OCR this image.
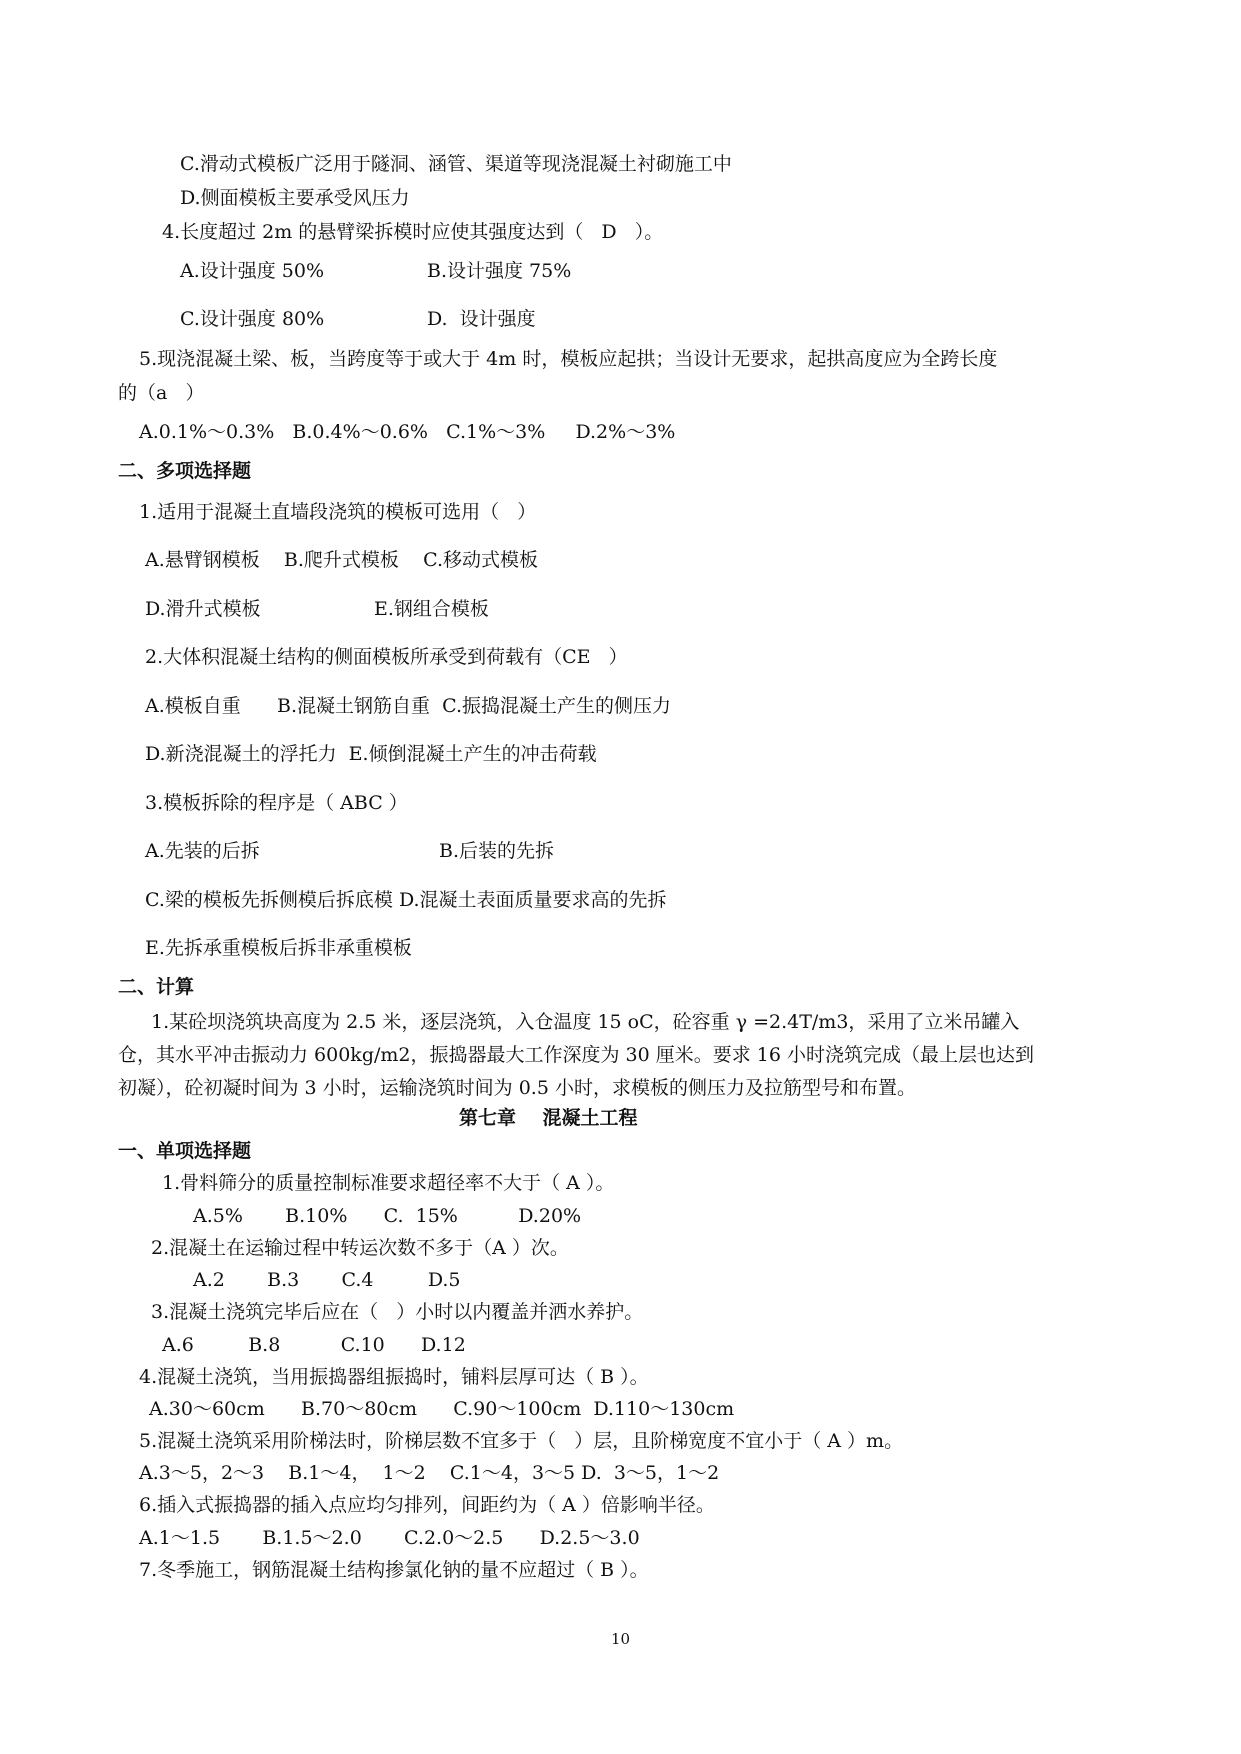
C.滑动式模板广泛用于隧洞、涵管、渠道等现浇混凝土衬砌施工中
D.侧面模板主要承受风压力
4.长度超过 2m 的悬臂梁拆模时应使其强度达到（   D   ）。
A.设计强度 50%	B.设计强度 75%
C.设计强度 80%	D.  设计强度
5.现浇混凝土梁、板，当跨度等于或大于 4m 时，模板应起拱；当设计无要求，起拱高度应为全跨长度
的（a   ）
A.0.1%～0.3%   B.0.4%～0.6%   C.1%～3%     D.2%～3%
二、多项选择题
1.适用于混凝土直墙段浇筑的模板可选用（   ）
A.悬臂钢模板    B.爬升式模板    C.移动式模板
D.滑升式模板	E.钢组合模板
2.大体积混凝土结构的侧面模板所承受到荷载有（CE   ）
A.模板自重      B.混凝土钢筋自重  C.振捣混凝土产生的侧压力
D.新浇混凝土的浮托力  E.倾倒混凝土产生的冲击荷载
3.模板拆除的程序是（ ABC ）
A.先装的后拆	B.后装的先拆
C.梁的模板先拆侧模后拆底模 D.混凝土表面质量要求高的先拆
E.先拆承重模板后拆非承重模板
二、计算
1.某砼坝浇筑块高度为 2.5 米，逐层浇筑，入仓温度 15 oC，砼容重 γ =2.4T/m3，采用了立米吊罐入
仓，其水平冲击振动力 600kg/m2，振捣器最大工作深度为 30 厘米。要求 16 小时浇筑完成（最上层也达到
初凝），砼初凝时间为 3 小时，运输浇筑时间为 0.5 小时，求模板的侧压力及拉筋型号和布置。
第七章    混凝土工程
一、单项选择题
1.骨料筛分的质量控制标准要求超径率不大于（ A ）。
A.5%       B.10%      C.  15%          D.20%
2.混凝土在运输过程中转运次数不多于（A ）次。
A.2       B.3       C.4         D.5
3.混凝土浇筑完毕后应在（   ）小时以内覆盖并洒水养护。
A.6         B.8          C.10      D.12
4.混凝土浇筑，当用振捣器组振捣时，铺料层厚可达（ B ）。
A.30～60cm      B.70～80cm      C.90～100cm  D.110～130cm
5.混凝土浇筑采用阶梯法时，阶梯层数不宜多于（   ）层，且阶梯宽度不宜小于（ A ）m。
A.3～5，2～3    B.1～4，  1～2    C.1～4，3～5 D.  3～5，1～2
6.插入式振捣器的插入点应均匀排列，间距约为（ A ）倍影响半径。
A.1～1.5       B.1.5～2.0       C.2.0～2.5      D.2.5～3.0
7.冬季施工，钢筋混凝土结构掺氯化钠的量不应超过（ B ）。
10
